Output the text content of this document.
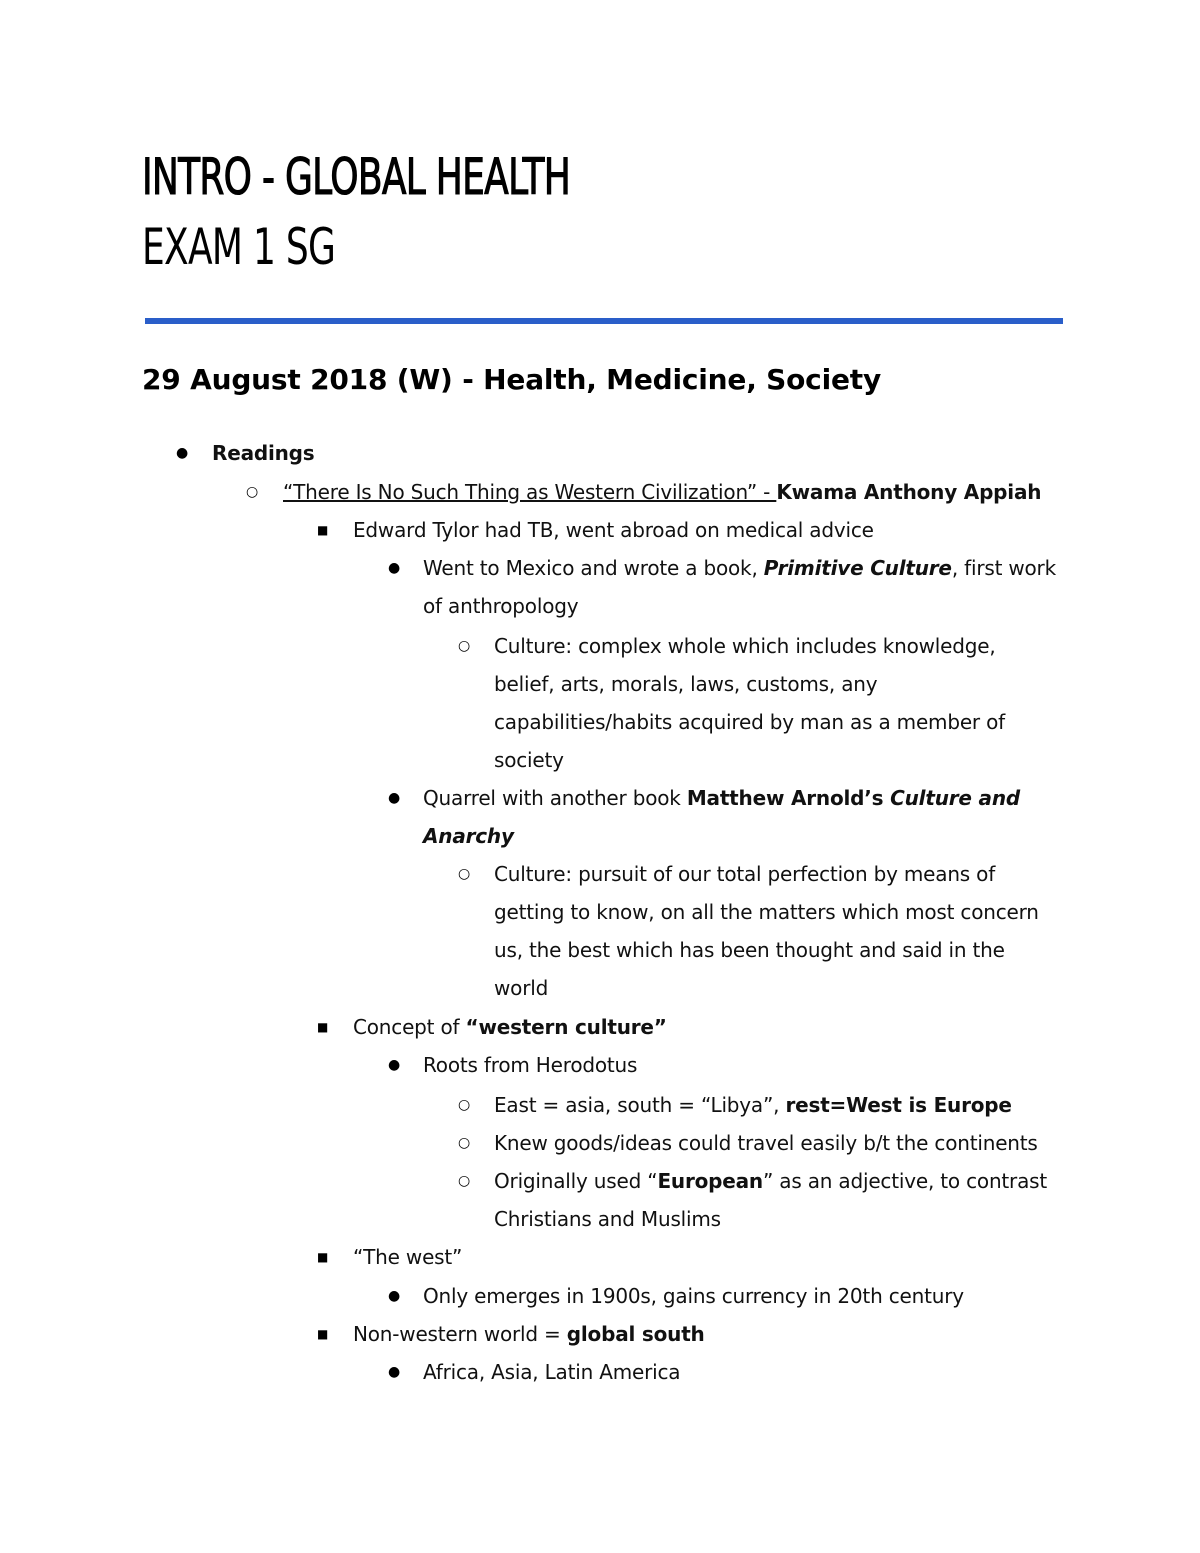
INTRO - GLOBAL HEALTH
EXAM 1 SG
29 August 2018 (W) - Health, Medicine, Society
● Readings
○ “There Is No Such Thing as Western Civilization” - Kwama Anthony Appiah
■ Edward Tylor had TB, went abroad on medical advice
● Went to Mexico and wrote a book, Primitive Culture, first work
of anthropology
○ Culture: complex whole which includes knowledge,
belief, arts, morals, laws, customs, any
capabilities/habits acquired by man as a member of
society
● Quarrel with another book Matthew Arnold’s Culture and
Anarchy
○ Culture: pursuit of our total perfection by means of
getting to know, on all the matters which most concern
us, the best which has been thought and said in the
world
■ Concept of “western culture”
● Roots from Herodotus
○ East = asia, south = “Libya”, rest=West is Europe
○ Knew goods/ideas could travel easily b/t the continents
○ Originally used “European” as an adjective, to contrast
Christians and Muslims
■ “The west”
● Only emerges in 1900s, gains currency in 20th century
■ Non-western world = global south
● Africa, Asia, Latin America
